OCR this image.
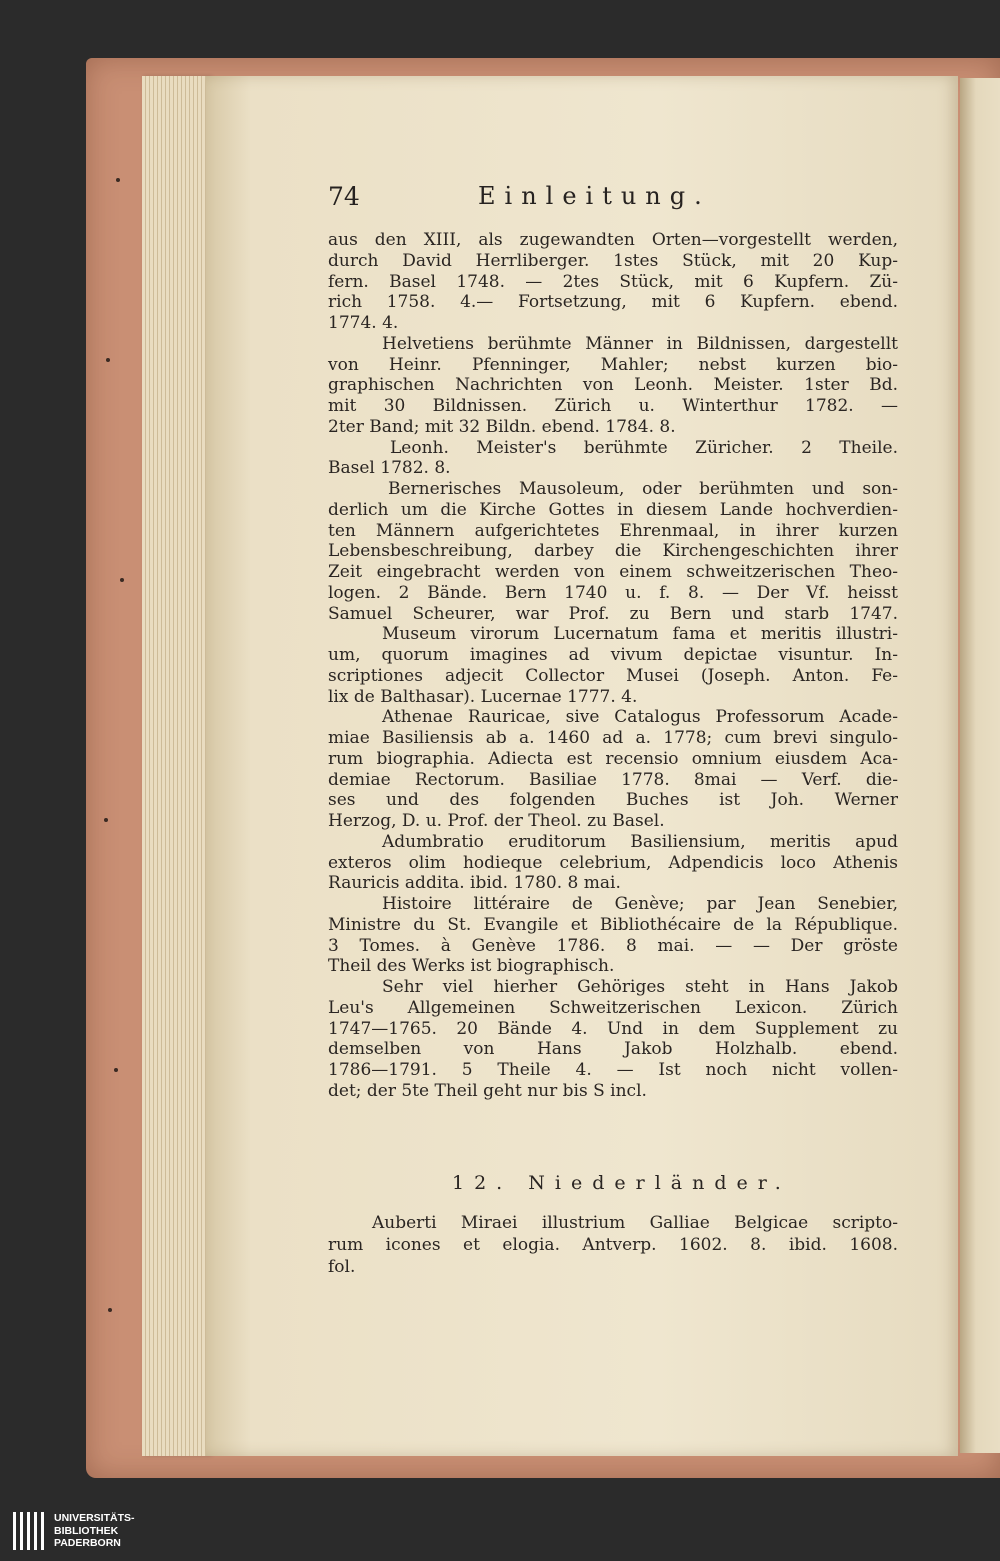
74	Einleitung.
aus den XIII, als zugewandten Orten—vorgestellt werden,
durch David Herrliberger. 1stes Stück, mit 20 Kup-
fern. Basel 1748. — 2tes Stück, mit 6 Kupfern. Zü-
rich 1758. 4.— Fortsetzung, mit 6 Kupfern. ebend.
1774. 4.
Helvetiens berühmte Männer in Bildnissen, dargestellt
von Heinr. Pfenninger, Mahler; nebst kurzen bio-
graphischen Nachrichten von Leonh. Meister. 1ster Bd.
mit 30 Bildnissen. Zürich u. Winterthur 1782. —
2ter Band; mit 32 Bildn. ebend. 1784. 8.
Leonh. Meister's berühmte Züricher. 2 Theile.
Basel 1782. 8.
Bernerisches Mausoleum, oder berühmten und son-
derlich um die Kirche Gottes in diesem Lande hochverdien-
ten Männern aufgerichtetes Ehrenmaal, in ihrer kurzen
Lebensbeschreibung, darbey die Kirchengeschichten ihrer
Zeit eingebracht werden von einem schweitzerischen Theo-
logen. 2 Bände. Bern 1740 u. f. 8. — Der Vf. heisst
Samuel Scheurer, war Prof. zu Bern und starb 1747.
Museum virorum Lucernatum fama et meritis illustri-
um, quorum imagines ad vivum depictae visuntur. In-
scriptiones adjecit Collector Musei (Joseph. Anton. Fe-
lix de Balthasar). Lucernae 1777. 4.
Athenae Rauricae, sive Catalogus Professorum Acade-
miae Basiliensis ab a. 1460 ad a. 1778; cum brevi singulo-
rum biographia. Adiecta est recensio omnium eiusdem Aca-
demiae Rectorum. Basiliae 1778. 8mai — Verf. die-
ses und des folgenden Buches ist Joh. Werner
Herzog, D. u. Prof. der Theol. zu Basel.
Adumbratio eruditorum Basiliensium, meritis apud
exteros olim hodieque celebrium, Adpendicis loco Athenis
Rauricis addita. ibid. 1780. 8 mai.
Histoire littéraire de Genève; par Jean Senebier,
Ministre du St. Evangile et Bibliothécaire de la République.
3 Tomes. à Genève 1786. 8 mai. — — Der gröste
Theil des Werks ist biographisch.
Sehr viel hierher Gehöriges steht in Hans Jakob
Leu's Allgemeinen Schweitzerischen Lexicon. Zürich
1747—1765. 20 Bände 4. Und in dem Supplement zu
demselben von Hans Jakob Holzhalb. ebend.
1786—1791. 5 Theile 4. — Ist noch nicht vollen-
det; der 5te Theil geht nur bis S incl.
12. Niederländer.
Auberti Miraei illustrium Galliae Belgicae scripto-
rum icones et elogia. Antverp. 1602. 8. ibid. 1608.
fol.
UNIVERSITÄTS-
BIBLIOTHEK
PADERBORN
